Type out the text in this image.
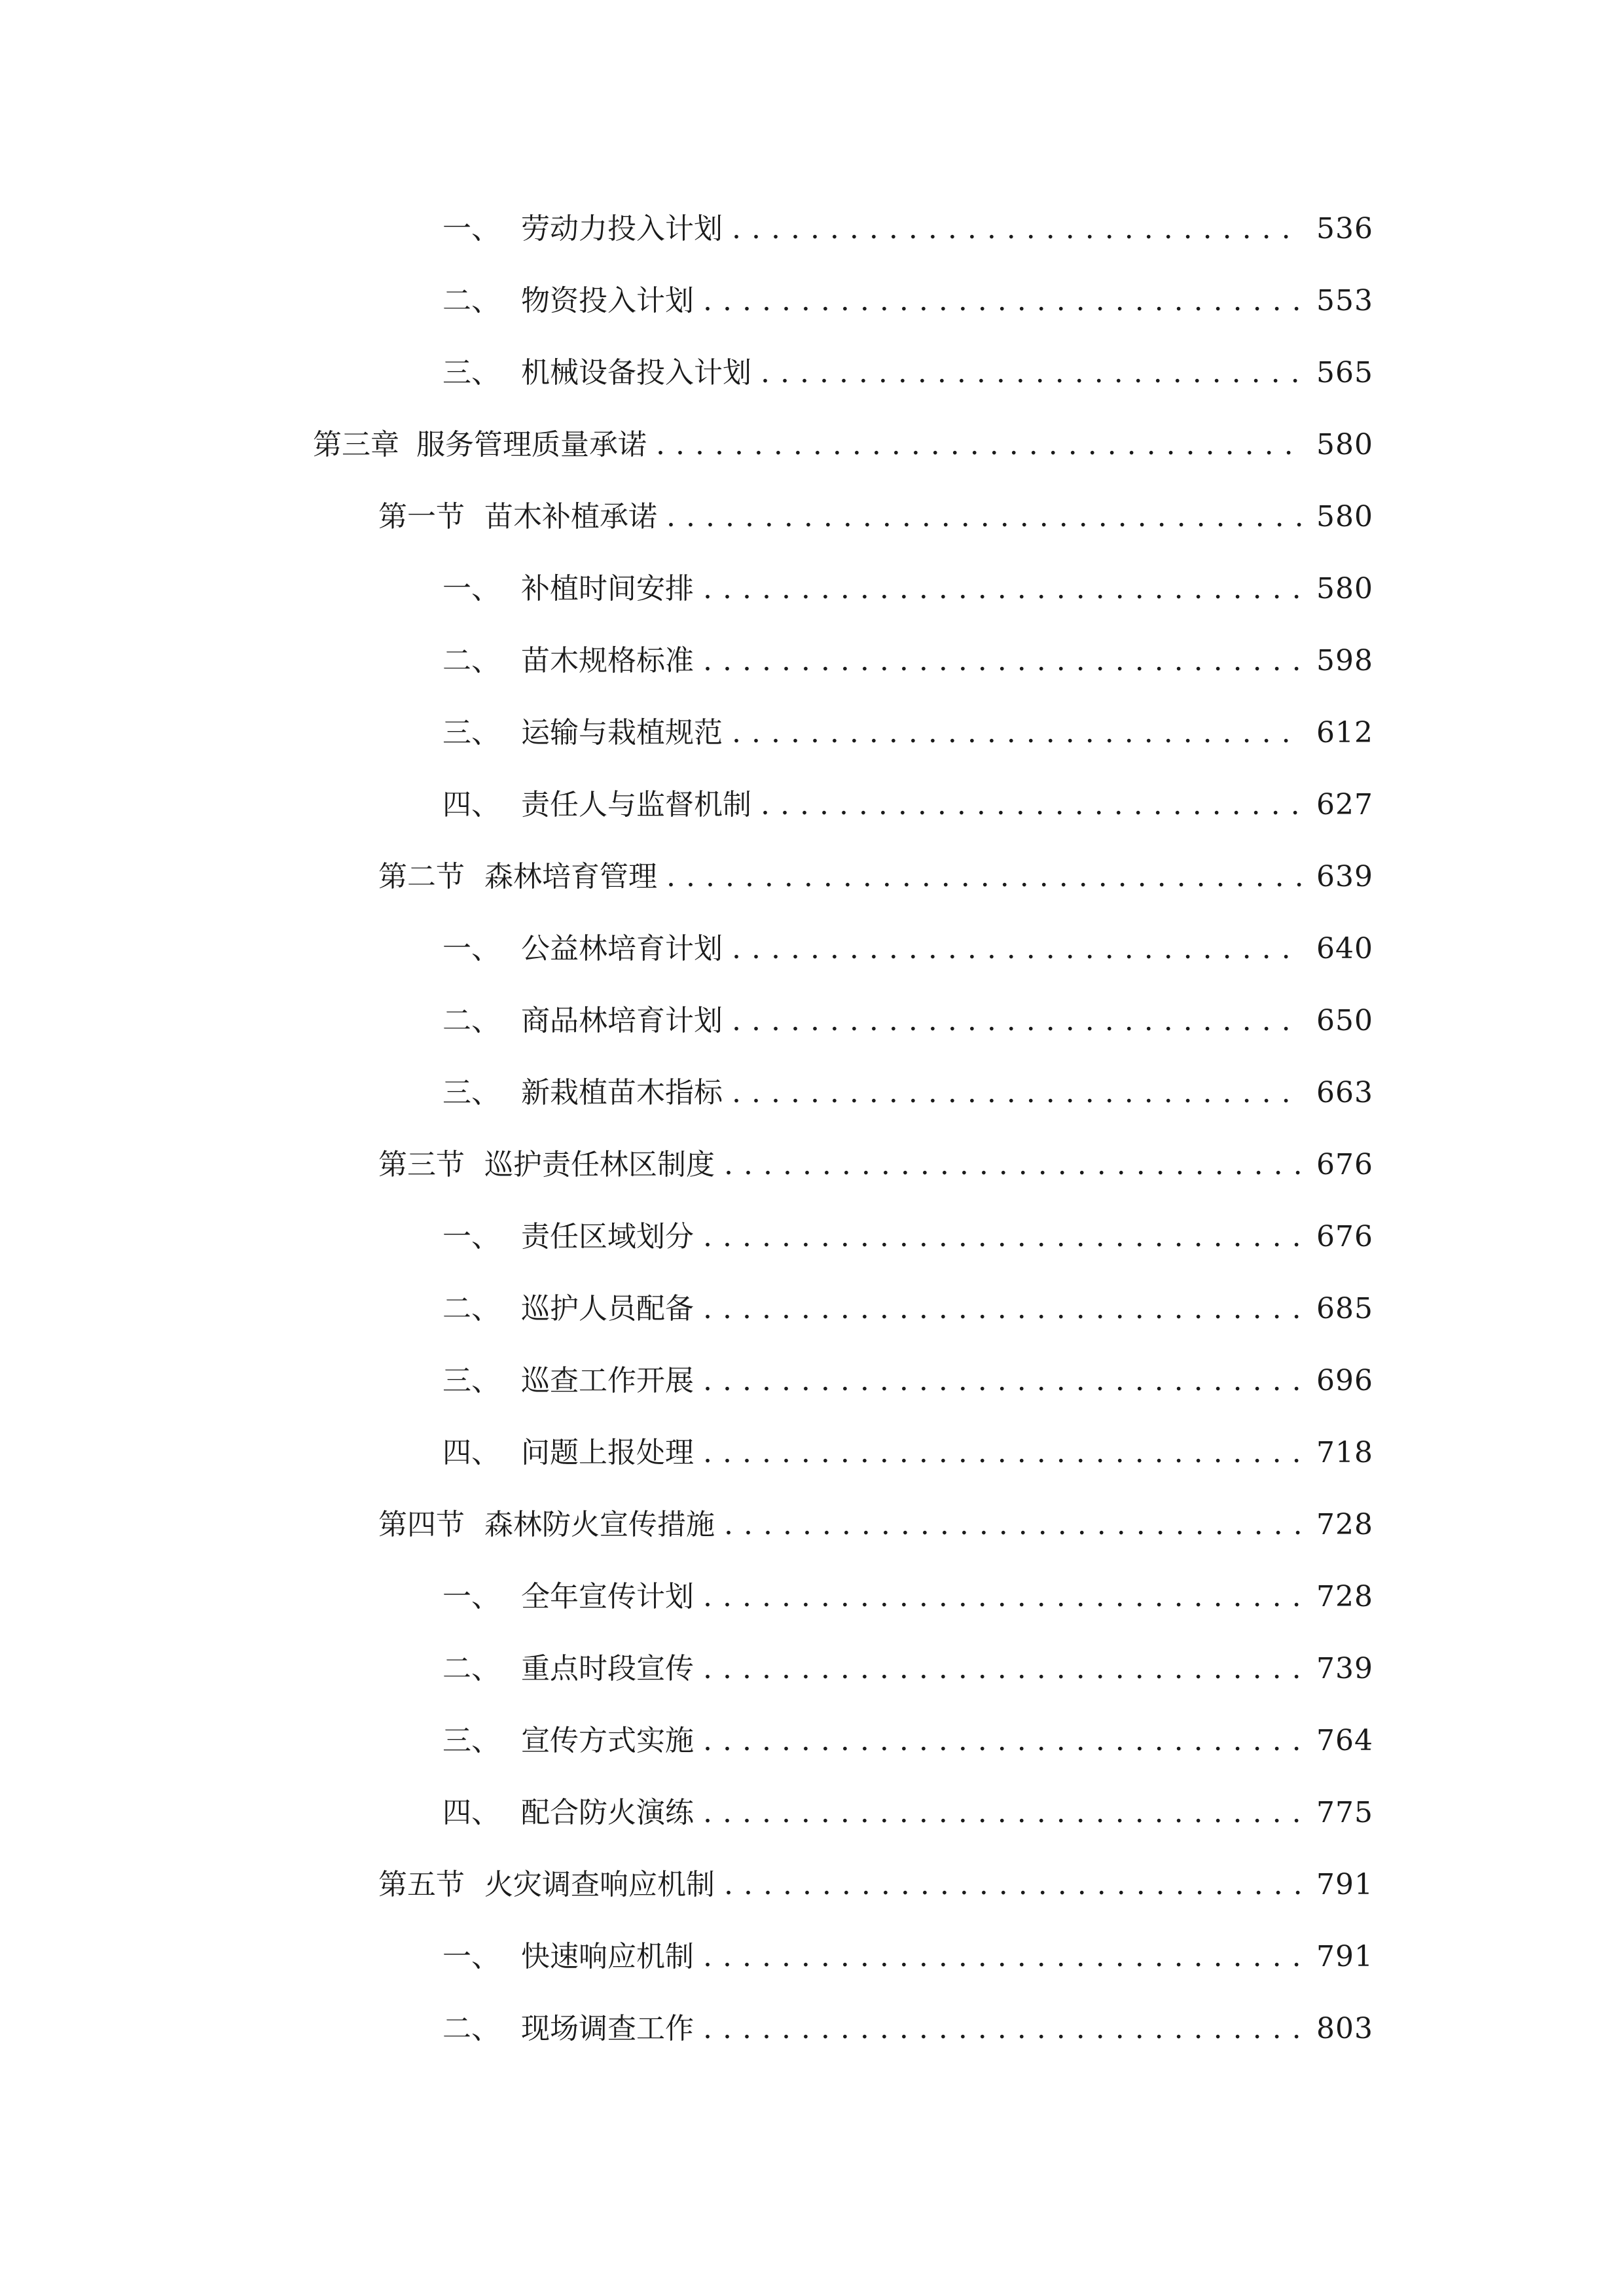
一、 劳动力投入计划 .....	536
二、 物资投入计划 .....	553
三、 机械设备投入计划 .....	565
第三章 服务管理质量承诺 .....	580
第一节 苗木补植承诺 .....	580
一、 补植时间安排 .....	580
二、 苗木规格标准 .....	598
三、 运输与栽植规范 .....	612
四、 责任人与监督机制 .....	627
第二节 森林培育管理 .....	639
一、 公益林培育计划 .....	640
二、 商品林培育计划 .....	650
三、 新栽植苗木指标 .....	663
第三节 巡护责任林区制度 .....	676
一、 责任区域划分 .....	676
二、 巡护人员配备 .....	685
三、 巡查工作开展 .....	696
四、 问题上报处理 .....	718
第四节 森林防火宣传措施 .....	728
一、 全年宣传计划 .....	728
二、 重点时段宣传 .....	739
三、 宣传方式实施 .....	764
四、 配合防火演练 .....	775
第五节 火灾调查响应机制 .....	791
一、 快速响应机制 .....	791
二、 现场调查工作 .....	803
